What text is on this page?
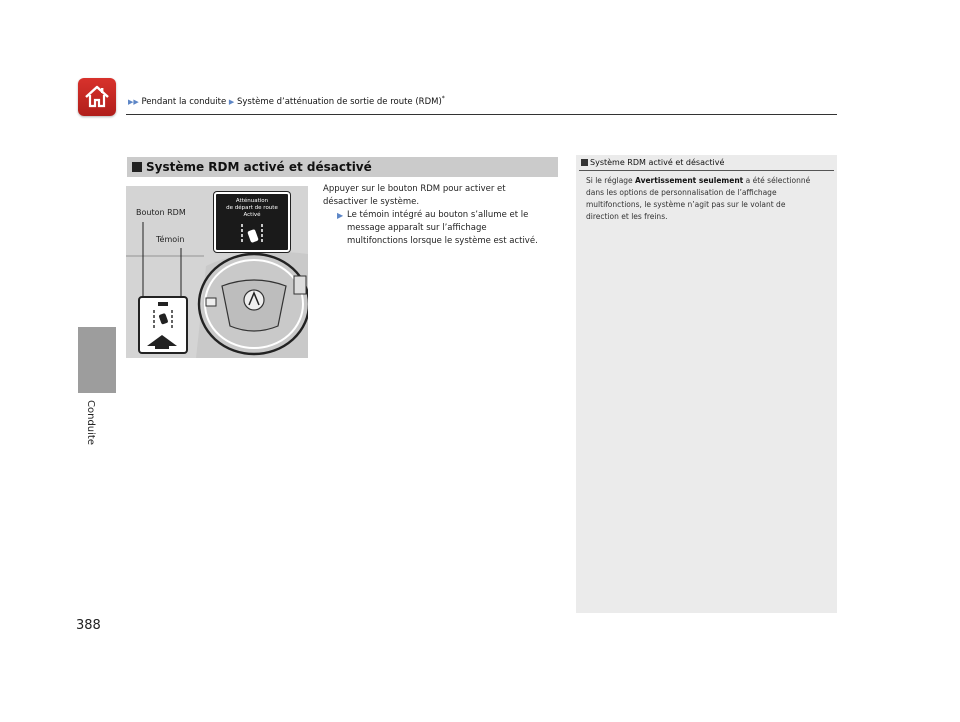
▶▶ Pendant la conduite ▶ Système d’atténuation de sortie de route (RDM)*
Conduite
388
Système RDM activé et désactivé
Atténuation
de départ de route
Activé
Bouton RDM
Témoin
Appuyer sur le bouton RDM pour activer et
désactiver le système.
▶ Le témoin intégré au bouton s’allume et le
message apparaît sur l’affichage
multifonctions lorsque le système est activé.
Système RDM activé et désactivé
Si le réglage Avertissement seulement a été sélectionné
dans les options de personnalisation de l’affichage
multifonctions, le système n’agit pas sur le volant de
direction et les freins.
